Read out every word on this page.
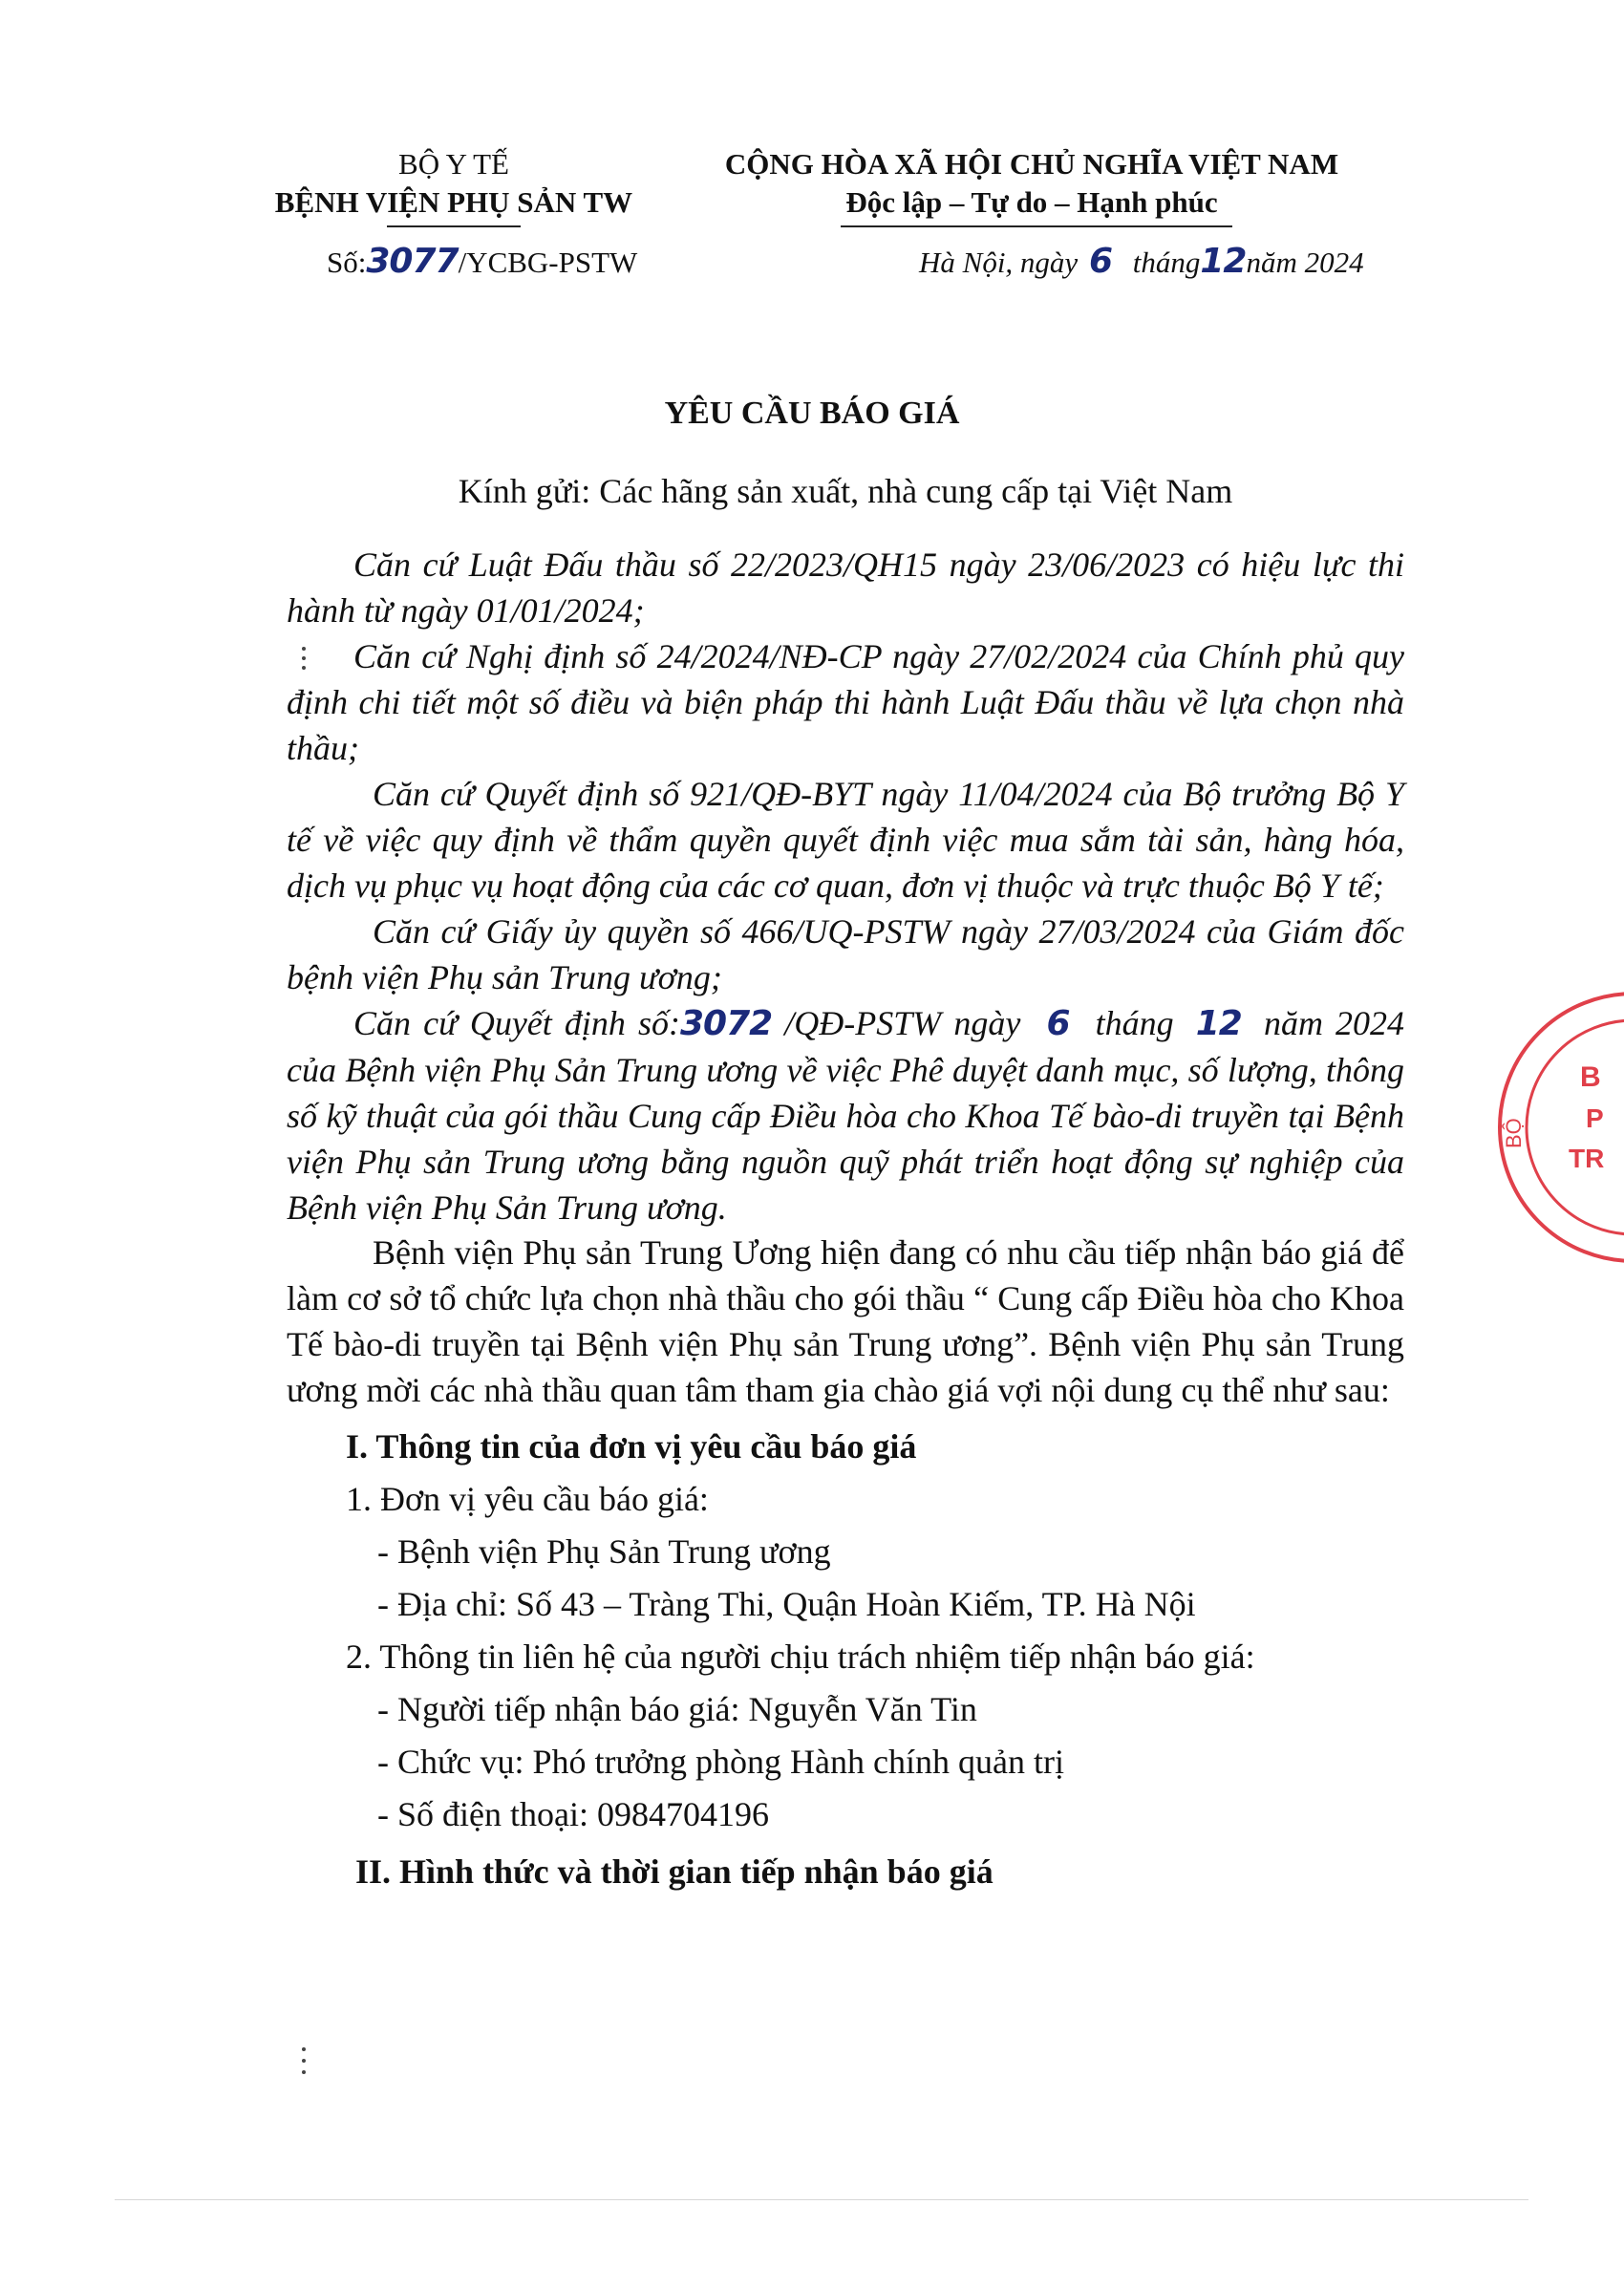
BỘ Y TẾ
BỆNH VIỆN PHỤ SẢN TW
Số:3077/YCBG-PSTW
CỘNG HÒA XÃ HỘI CHỦ NGHĨA VIỆT NAM
Độc lập – Tự do – Hạnh phúc
Hà Nội, ngày 6 tháng12năm 2024
YÊU CẦU BÁO GIÁ
Kính gửi: Các hãng sản xuất, nhà cung cấp tại Việt Nam

Căn cứ Luật Đấu thầu số 22/2023/QH15 ngày 23/06/2023 có hiệu lực thi hành từ ngày 01/01/2024;

Căn cứ Nghị định số 24/2024/NĐ-CP ngày 27/02/2024 của Chính phủ quy định chi tiết một số điều và biện pháp thi hành Luật Đấu thầu về lựa chọn nhà thầu;

Căn cứ Quyết định số 921/QĐ-BYT ngày 11/04/2024 của Bộ trưởng Bộ Y tế về việc quy định về thẩm quyền quyết định việc mua sắm tài sản, hàng hóa, dịch vụ phục vụ hoạt động của các cơ quan, đơn vị thuộc và trực thuộc Bộ Y tế;

Căn cứ Giấy ủy quyền số 466/UQ-PSTW ngày 27/03/2024 của Giám đốc bệnh viện Phụ sản Trung ương;

Căn cứ Quyết định số:3072 /QĐ-PSTW ngày 6 tháng 12 năm 2024 của Bệnh viện Phụ Sản Trung ương về việc Phê duyệt danh mục, số lượng, thông số kỹ thuật của gói thầu Cung cấp Điều hòa cho Khoa Tế bào-di truyền tại Bệnh viện Phụ sản Trung ương bằng nguồn quỹ phát triển hoạt động sự nghiệp của Bệnh viện Phụ Sản Trung ương.

Bệnh viện Phụ sản Trung Ương hiện đang có nhu cầu tiếp nhận báo giá để làm cơ sở tổ chức lựa chọn nhà thầu cho gói thầu “ Cung cấp Điều hòa cho Khoa Tế bào-di truyền tại Bệnh viện Phụ sản Trung ương”. Bệnh viện Phụ sản Trung ương mời các nhà thầu quan tâm tham gia chào giá vợi nội dung cụ thể như sau:

I. Thông tin của đơn vị yêu cầu báo giá
1. Đơn vị yêu cầu báo giá:
- Bệnh viện Phụ Sản Trung ương
- Địa chỉ: Số 43 – Tràng Thi, Quận Hoàn Kiếm, TP. Hà Nội
2. Thông tin liên hệ của người chịu trách nhiệm tiếp nhận báo giá:
- Người tiếp nhận báo giá: Nguyễn Văn Tin
- Chức vụ: Phó trưởng phòng Hành chính quản trị
- Số điện thoại: 0984704196
II. Hình thức và thời gian tiếp nhận báo giá
BỘ
B
P
TR
